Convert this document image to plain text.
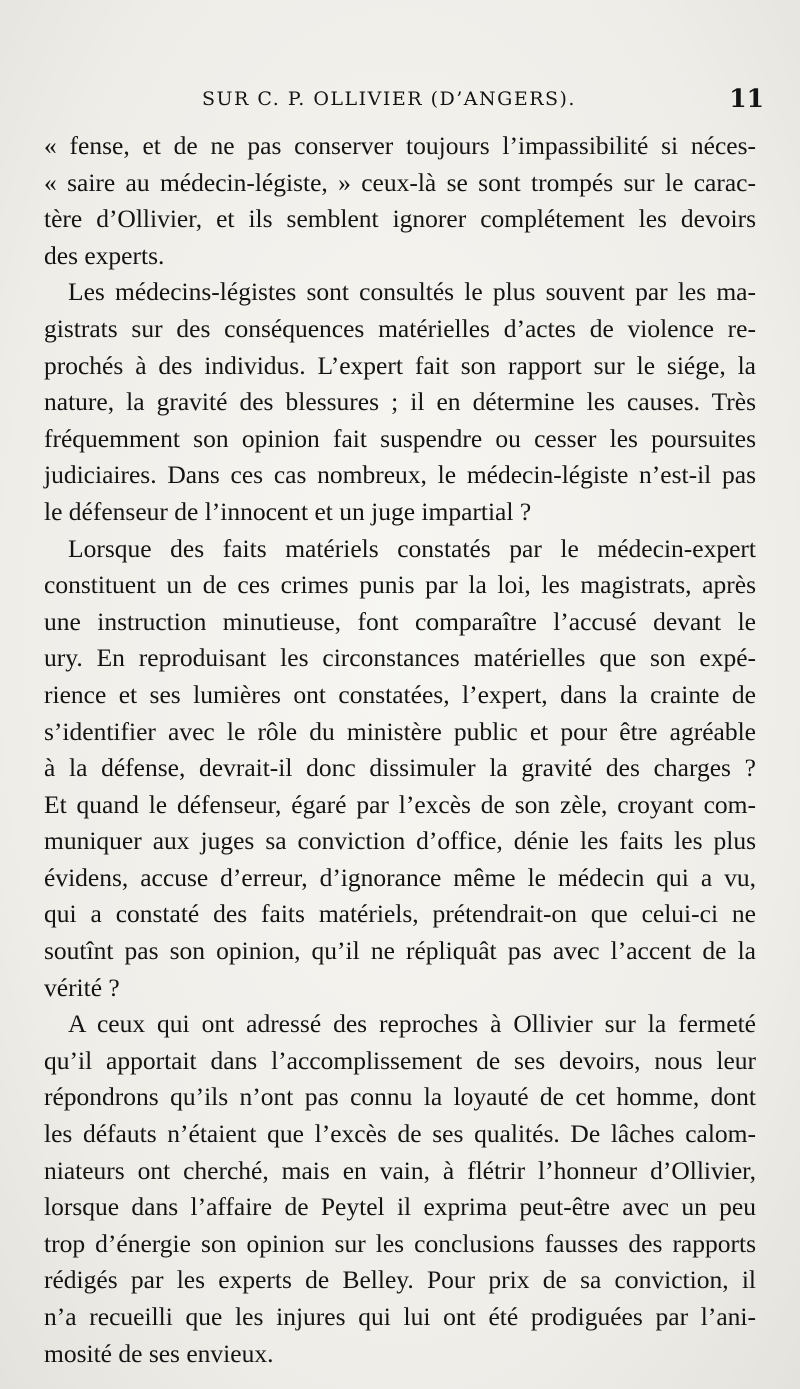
SUR C. P. OLLIVIER (D’ANGERS).	11
« fense, et de ne pas conserver toujours l’impassibilité si néces-
« saire au médecin-légiste, » ceux-là se sont trompés sur le carac-
tère d’Ollivier, et ils semblent ignorer complétement les devoirs
des experts.
Les médecins-légistes sont consultés le plus souvent par les ma-
gistrats sur des conséquences matérielles d’actes de violence re-
prochés à des individus. L’expert fait son rapport sur le siége, la
nature, la gravité des blessures ; il en détermine les causes. Très
fréquemment son opinion fait suspendre ou cesser les poursuites
judiciaires. Dans ces cas nombreux, le médecin-légiste n’est-il pas
le défenseur de l’innocent et un juge impartial ?
Lorsque des faits matériels constatés par le médecin-expert
constituent un de ces crimes punis par la loi, les magistrats, après
une instruction minutieuse, font comparaître l’accusé devant le
ury. En reproduisant les circonstances matérielles que son expé-
rience et ses lumières ont constatées, l’expert, dans la crainte de
s’identifier avec le rôle du ministère public et pour être agréable
à la défense, devrait-il donc dissimuler la gravité des charges ?
Et quand le défenseur, égaré par l’excès de son zèle, croyant com-
muniquer aux juges sa conviction d’office, dénie les faits les plus
évidens, accuse d’erreur, d’ignorance même le médecin qui a vu,
qui a constaté des faits matériels, prétendrait-on que celui-ci ne
soutînt pas son opinion, qu’il ne répliquât pas avec l’accent de la
vérité ?
A ceux qui ont adressé des reproches à Ollivier sur la fermeté
qu’il apportait dans l’accomplissement de ses devoirs, nous leur
répondrons qu’ils n’ont pas connu la loyauté de cet homme, dont
les défauts n’étaient que l’excès de ses qualités. De lâches calom-
niateurs ont cherché, mais en vain, à flétrir l’honneur d’Ollivier,
lorsque dans l’affaire de Peytel il exprima peut-être avec un peu
trop d’énergie son opinion sur les conclusions fausses des rapports
rédigés par les experts de Belley. Pour prix de sa conviction, il
n’a recueilli que les injures qui lui ont été prodiguées par l’ani-
mosité de ses envieux.
